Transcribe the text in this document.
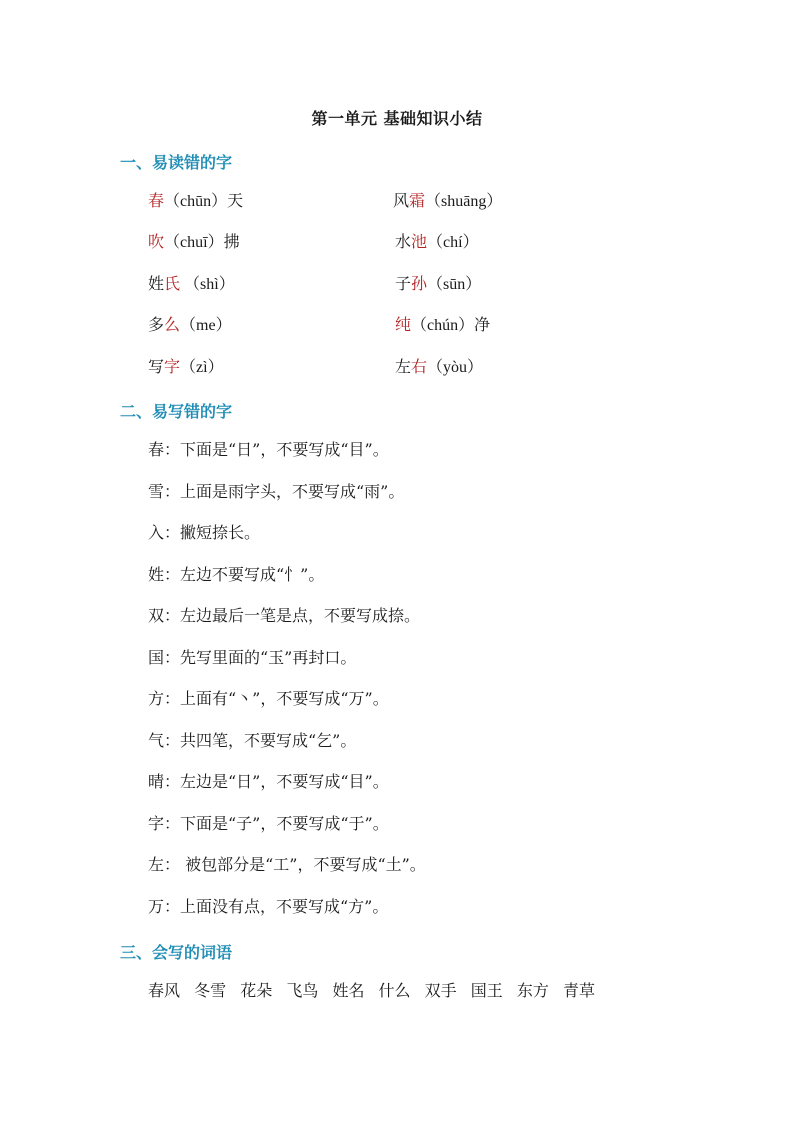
第一单元 基础知识小结
一、易读错的字
春（chūn）天	风霜（shuāng）
吹（chuī）拂	水池（chí）
姓氏 （shì）	子孙（sūn）
多么（me）	纯（chún）净
写字（zì）	左右（yòu）
二、易写错的字
春：下面是“日”，不要写成“目”。
雪：上面是雨字头，不要写成“雨”。
入：撇短捺长。
姓：左边不要写成“忄”。
双：左边最后一笔是点，不要写成捺。
国：先写里面的“玉”再封口。
方：上面有“丶”，不要写成“万”。
气：共四笔，不要写成“乞”。
晴：左边是“日”，不要写成“目”。
字：下面是“子”，不要写成“于”。
左： 被包部分是“工”，不要写成“土”。
万：上面没有点，不要写成“方”。
三、会写的词语
春风 冬雪 花朵 飞鸟 姓名 什么 双手 国王 东方 青草
